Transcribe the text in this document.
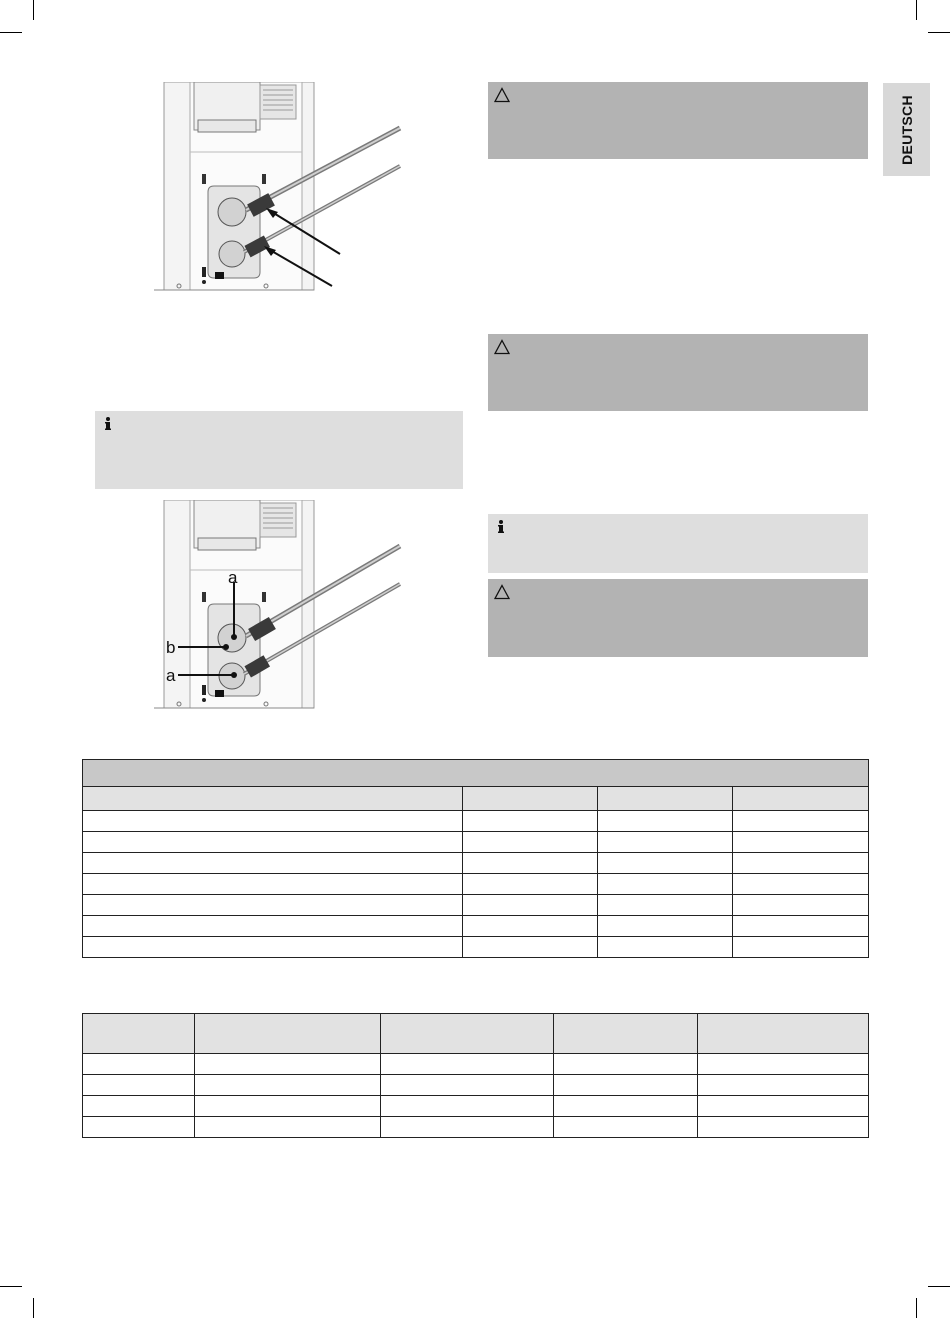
DEUTSCH
a
b
a
